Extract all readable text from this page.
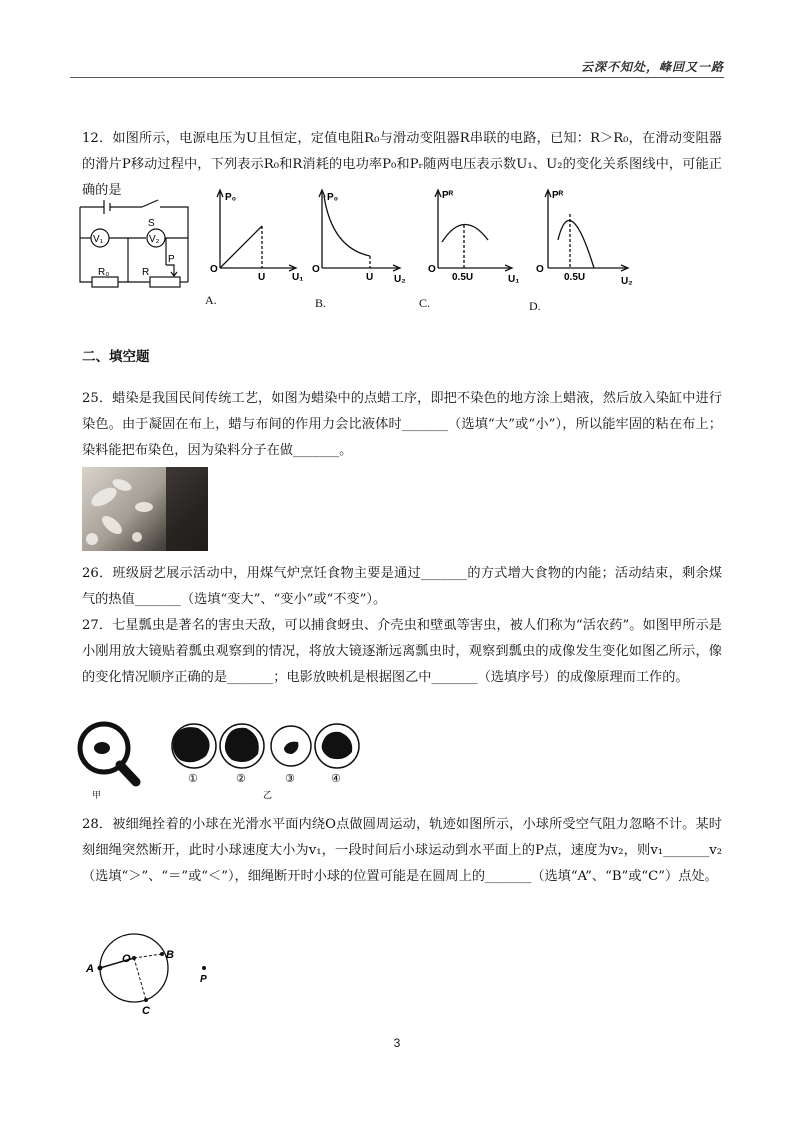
云深不知处，峰回又一路
12．如图所示，电源电压为U且恒定，定值电阻R₀与滑动变阻器R串联的电路，已知：R＞R₀，在滑动变阻器的滑片P移动过程中，下列表示R₀和R消耗的电功率P₀和Pᵣ随两电压表示数U₁、U₂的变化关系图线中，可能正确的是
S
V₁	V₂
R₀	R
P
P₀
O
U	U₁
P₀
O
U U₂
Pᴿ
O
0.5U	U₁
Pᴿ
O
0.5U	U₂
A.	B.	C.	D.
二、填空题
25．蜡染是我国民间传统工艺，如图为蜡染中的点蜡工序，即把不染色的地方涂上蜡液，然后放入染缸中进行染色。由于凝固在布上，蜡与布间的作用力会比液体时_______（选填“大”或“小”），所以能牢固的粘在布上；染料能把布染色，因为染料分子在做_______。
26．班级厨艺展示活动中，用煤气炉烹饪食物主要是通过_______的方式增大食物的内能；活动结束，剩余煤气的热值_______（选填“变大”、“变小”或“不变”）。
27．七星瓢虫是著名的害虫天敌，可以捕食蚜虫、介壳虫和壁虱等害虫，被人们称为“活农药”。如图甲所示是小刚用放大镜贴着瓢虫观察到的情况，将放大镜逐渐远离瓢虫时，观察到瓢虫的成像发生变化如图乙所示，像的变化情况顺序正确的是_______；电影放映机是根据图乙中_______（选填序号）的成像原理而工作的。
甲
①	②	③	④
乙
28．被细绳拴着的小球在光滑水平面内绕O点做圆周运动，轨迹如图所示，小球所受空气阻力忽略不计。某时刻细绳突然断开，此时小球速度大小为v₁，一段时间后小球运动到水平面上的P点，速度为v₂，则v₁_______v₂（选填“＞”、“＝”或“＜”），细绳断开时小球的位置可能是在圆周上的_______（选填“A”、“B”或“C”）点处。
O
A
B
C
P
3
